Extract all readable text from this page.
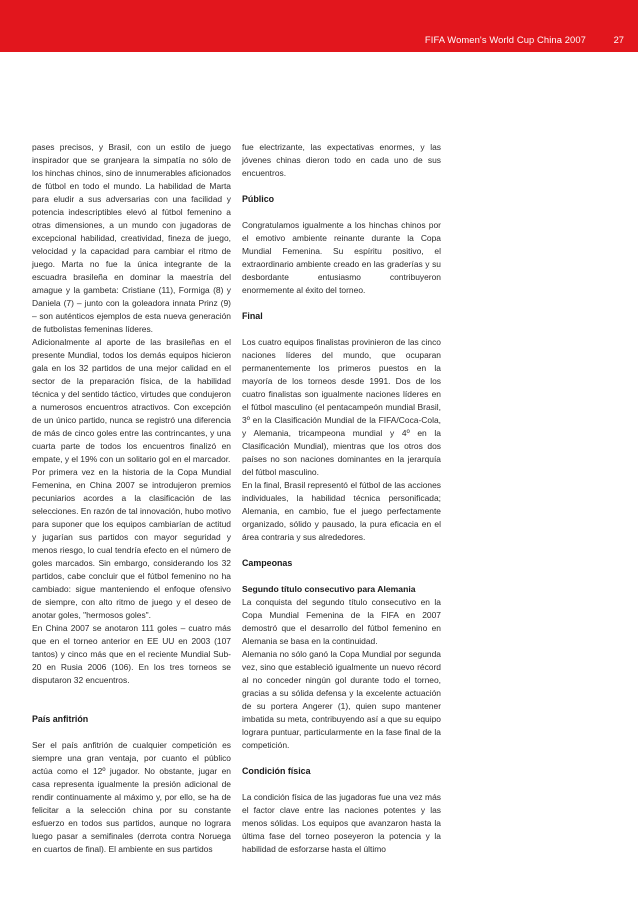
FIFA Women's World Cup China 2007	27

pases precisos, y Brasil, con un estilo de juego inspirador que se granjeara la simpatía no sólo de los hinchas chinos, sino de innumerables aficionados de fútbol en todo el mundo. La habilidad de Marta para eludir a sus adversarias con una facilidad y potencia indescriptibles elevó al fútbol femenino a otras dimensiones, a un mundo con jugadoras de excepcional habilidad, creatividad, fineza de juego, velocidad y la capacidad para cambiar el ritmo de juego. Marta no fue la única integrante de la escuadra brasileña en dominar la maestría del amague y la gambeta: Cristiane (11), Formiga (8) y Daniela (7) – junto con la goleadora innata Prinz (9) – son auténticos ejemplos de esta nueva generación de futbolistas femeninas líderes.

Adicionalmente al aporte de las brasileñas en el presente Mundial, todos los demás equipos hicieron gala en los 32 partidos de una mejor calidad en el sector de la preparación física, de la habilidad técnica y del sentido táctico, virtudes que condujeron a numerosos encuentros atractivos. Con excepción de un único partido, nunca se registró una diferencia de más de cinco goles entre las contrincantes, y una cuarta parte de todos los encuentros finalizó en empate, y el 19% con un solitario gol en el marcador.

Por primera vez en la historia de la Copa Mundial Femenina, en China 2007 se introdujeron premios pecuniarios acordes a la clasificación de las selecciones. En razón de tal innovación, hubo motivo para suponer que los equipos cambiarían de actitud y jugarían sus partidos con mayor seguridad y menos riesgo, lo cual tendría efecto en el número de goles marcados. Sin embargo, considerando los 32 partidos, cabe concluir que el fútbol femenino no ha cambiado: sigue manteniendo el enfoque ofensivo de siempre, con alto ritmo de juego y el deseo de anotar goles, "hermosos goles".

En China 2007 se anotaron 111 goles – cuatro más que en el torneo anterior en EE UU en 2003 (107 tantos) y cinco más que en el reciente Mundial Sub-20 en Rusia 2006 (106). En los tres torneos se disputaron 32 encuentros.

País anfitrión

Ser el país anfitrión de cualquier competición es siempre una gran ventaja, por cuanto el público actúa como el 12º jugador. No obstante, jugar en casa representa igualmente la presión adicional de rendir continuamente al máximo y, por ello, se ha de felicitar a la selección china por su constante esfuerzo en todos sus partidos, aunque no lograra luego pasar a semifinales (derrota contra Noruega en cuartos de final). El ambiente en sus partidos

fue electrizante, las expectativas enormes, y las jóvenes chinas dieron todo en cada uno de sus encuentros.

Público

Congratulamos igualmente a los hinchas chinos por el emotivo ambiente reinante durante la Copa Mundial Femenina. Su espíritu positivo, el extraordinario ambiente creado en las graderías y su desbordante entusiasmo contribuyeron enormemente al éxito del torneo.

Final

Los cuatro equipos finalistas provinieron de las cinco naciones líderes del mundo, que ocuparan permanentemente los primeros puestos en la mayoría de los torneos desde 1991. Dos de los cuatro finalistas son igualmente naciones líderes en el fútbol masculino (el pentacampeón mundial Brasil, 3º en la Clasificación Mundial de la FIFA/Coca-Cola, y Alemania, tricampeona mundial y 4º en la Clasificación Mundial), mientras que los otros dos países no son naciones dominantes en la jerarquía del fútbol masculino.

En la final, Brasil representó el fútbol de las acciones individuales, la habilidad técnica personificada; Alemania, en cambio, fue el juego perfectamente organizado, sólido y pausado, la pura eficacia en el área contraria y sus alrededores.

Campeonas
Segundo título consecutivo para Alemania

La conquista del segundo título consecutivo en la Copa Mundial Femenina de la FIFA en 2007 demostró que el desarrollo del fútbol femenino en Alemania se basa en la continuidad.

Alemania no sólo ganó la Copa Mundial por segunda vez, sino que estableció igualmente un nuevo récord al no conceder ningún gol durante todo el torneo, gracias a su sólida defensa y la excelente actuación de su portera Angerer (1), quien supo mantener imbatida su meta, contribuyendo así a que su equipo lograra puntuar, particularmente en la fase final de la competición.

Condición física

La condición física de las jugadoras fue una vez más el factor clave entre las naciones potentes y las menos sólidas. Los equipos que avanzaron hasta la última fase del torneo poseyeron la potencia y la habilidad de esforzarse hasta el último
